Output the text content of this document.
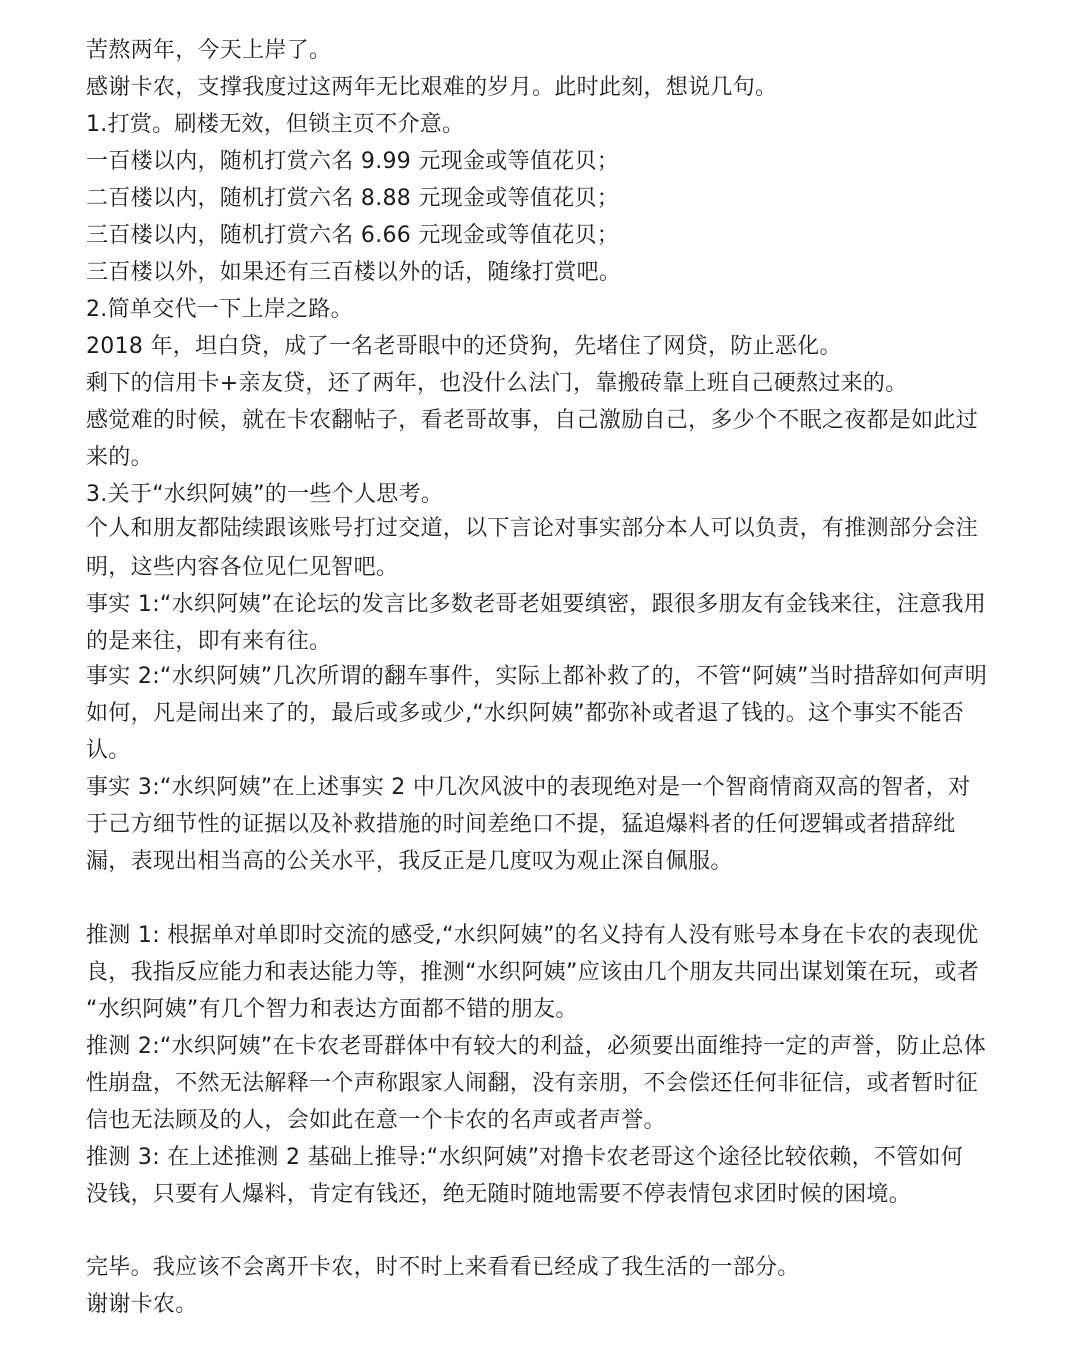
苦熬两年，今天上岸了。
感谢卡农，支撑我度过这两年无比艰难的岁月。此时此刻，想说几句。
1.打赏。刷楼无效，但锁主页不介意。
一百楼以内，随机打赏六名 9.99 元现金或等值花贝；
二百楼以内，随机打赏六名 8.88 元现金或等值花贝；
三百楼以内，随机打赏六名 6.66 元现金或等值花贝；
三百楼以外，如果还有三百楼以外的话，随缘打赏吧。
2.简单交代一下上岸之路。
2018 年，坦白贷，成了一名老哥眼中的还贷狗，先堵住了网贷，防止恶化。
剩下的信用卡+亲友贷，还了两年，也没什么法门，靠搬砖靠上班自己硬熬过来的。
感觉难的时候，就在卡农翻帖子，看老哥故事，自己激励自己，多少个不眠之夜都是如此过
来的。
3.关于“水织阿姨”的一些个人思考。
个人和朋友都陆续跟该账号打过交道，以下言论对事实部分本人可以负责，有推测部分会注
明，这些内容各位见仁见智吧。
事实 1:“水织阿姨”在论坛的发言比多数老哥老姐要缜密，跟很多朋友有金钱来往，注意我用
的是来往，即有来有往。
事实 2:“水织阿姨”几次所谓的翻车事件，实际上都补救了的，不管“阿姨”当时措辞如何声明
如何，凡是闹出来了的，最后或多或少,“水织阿姨”都弥补或者退了钱的。这个事实不能否
认。
事实 3:“水织阿姨”在上述事实 2 中几次风波中的表现绝对是一个智商情商双高的智者，对
于己方细节性的证据以及补救措施的时间差绝口不提，猛追爆料者的任何逻辑或者措辞纰
漏，表现出相当高的公关水平，我反正是几度叹为观止深自佩服。
推测 1: 根据单对单即时交流的感受,“水织阿姨”的名义持有人没有账号本身在卡农的表现优
良，我指反应能力和表达能力等，推测“水织阿姨”应该由几个朋友共同出谋划策在玩，或者
“水织阿姨”有几个智力和表达方面都不错的朋友。
推测 2:“水织阿姨”在卡农老哥群体中有较大的利益，必须要出面维持一定的声誉，防止总体
性崩盘，不然无法解释一个声称跟家人闹翻，没有亲朋，不会偿还任何非征信，或者暂时征
信也无法顾及的人，会如此在意一个卡农的名声或者声誉。
推测 3: 在上述推测 2 基础上推导:“水织阿姨”对撸卡农老哥这个途径比较依赖，不管如何
没钱，只要有人爆料，肯定有钱还，绝无随时随地需要不停表情包求团时候的困境。
完毕。我应该不会离开卡农，时不时上来看看已经成了我生活的一部分。
谢谢卡农。
